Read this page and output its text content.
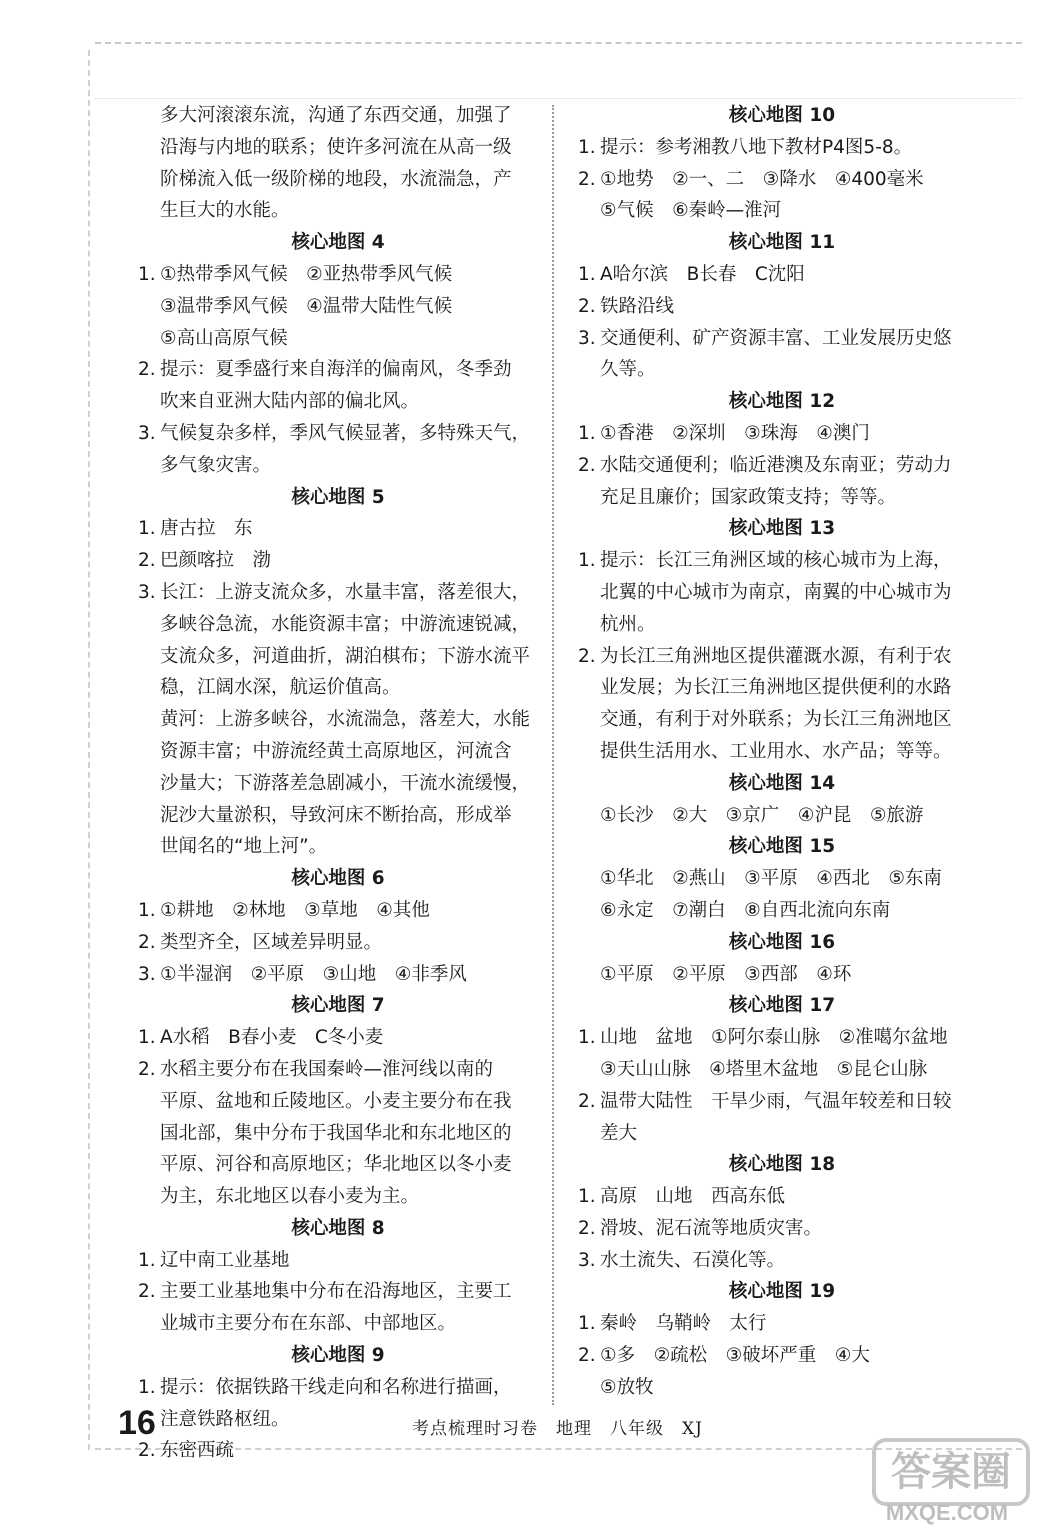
多大河滚滚东流，沟通了东西交通，加强了
沿海与内地的联系；使许多河流在从高一级
阶梯流入低一级阶梯的地段，水流湍急，产
生巨大的水能。
核心地图 4
1. ①热带季风气候　②亚热带季风气候
③温带季风气候　④温带大陆性气候
⑤高山高原气候
2. 提示：夏季盛行来自海洋的偏南风，冬季劲
吹来自亚洲大陆内部的偏北风。
3. 气候复杂多样，季风气候显著，多特殊天气，
多气象灾害。
核心地图 5
1. 唐古拉　东
2. 巴颜喀拉　渤
3. 长江：上游支流众多，水量丰富，落差很大，
多峡谷急流，水能资源丰富；中游流速锐减，
支流众多，河道曲折，湖泊棋布；下游水流平
稳，江阔水深，航运价值高。
黄河：上游多峡谷，水流湍急，落差大，水能
资源丰富；中游流经黄土高原地区，河流含
沙量大；下游落差急剧减小，干流水流缓慢，
泥沙大量淤积，导致河床不断抬高，形成举
世闻名的“地上河”。
核心地图 6
1. ①耕地　②林地　③草地　④其他
2. 类型齐全，区域差异明显。
3. ①半湿润　②平原　③山地　④非季风
核心地图 7
1. A水稻　B春小麦　C冬小麦
2. 水稻主要分布在我国秦岭—淮河线以南的
平原、盆地和丘陵地区。小麦主要分布在我
国北部，集中分布于我国华北和东北地区的
平原、河谷和高原地区；华北地区以冬小麦
为主，东北地区以春小麦为主。
核心地图 8
1. 辽中南工业基地
2. 主要工业基地集中分布在沿海地区，主要工
业城市主要分布在东部、中部地区。
核心地图 9
1. 提示：依据铁路干线走向和名称进行描画，
注意铁路枢纽。
2. 东密西疏
核心地图 10
1. 提示：参考湘教八地下教材P4图5-8。
2. ①地势　②一、二　③降水　④400毫米
⑤气候　⑥秦岭—淮河
核心地图 11
1. A哈尔滨　B长春　C沈阳
2. 铁路沿线
3. 交通便利、矿产资源丰富、工业发展历史悠
久等。
核心地图 12
1. ①香港　②深圳　③珠海　④澳门
2. 水陆交通便利；临近港澳及东南亚；劳动力
充足且廉价；国家政策支持；等等。
核心地图 13
1. 提示：长江三角洲区域的核心城市为上海，
北翼的中心城市为南京，南翼的中心城市为
杭州。
2. 为长江三角洲地区提供灌溉水源，有利于农
业发展；为长江三角洲地区提供便利的水路
交通，有利于对外联系；为长江三角洲地区
提供生活用水、工业用水、水产品；等等。
核心地图 14
①长沙　②大　③京广　④沪昆　⑤旅游
核心地图 15
①华北　②燕山　③平原　④西北　⑤东南
⑥永定　⑦潮白　⑧自西北流向东南
核心地图 16
①平原　②平原　③西部　④环
核心地图 17
1. 山地　盆地　①阿尔泰山脉　②准噶尔盆地
③天山山脉　④塔里木盆地　⑤昆仑山脉
2. 温带大陆性　干旱少雨，气温年较差和日较
差大
核心地图 18
1. 高原　山地　西高东低
2. 滑坡、泥石流等地质灾害。
3. 水土流失、石漠化等。
核心地图 19
1. 秦岭　乌鞘岭　太行
2. ①多　②疏松　③破坏严重　④大
⑤放牧
16	考点梳理时习卷　地理　八年级　XJ
答案圈
MXQE.COM
